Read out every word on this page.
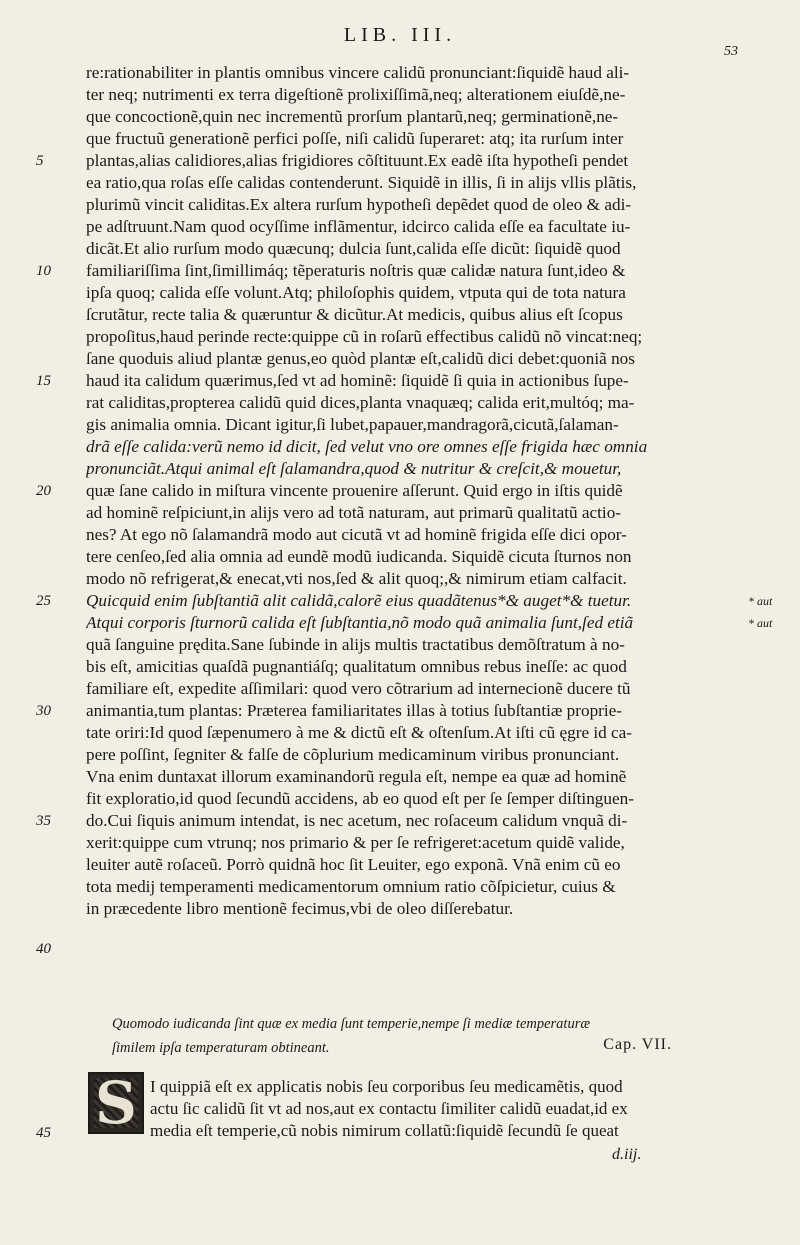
LIB. III.
53
re:rationabiliter in plantis omnibus vincere calidũ pronunciant:ſiquidẽ haud ali-
ter neq; nutrimenti ex terra digeſtionẽ prolixiſſimã,neq; alterationem eiuſdẽ,ne-
que concoctionẽ,quin nec incrementũ prorſum plantarũ,neq; germinationẽ,ne-
que fructuũ generationẽ perfici poſſe, niſi calidũ ſuperaret: atq; ita rurſum inter
plantas,alias calidiores,alias frigidiores cõſtituunt.Ex eadẽ iſta hypotheſi pendet
ea ratio,qua roſas eſſe calidas contenderunt. Siquidẽ in illis, ſi in alijs vllis plãtis,
plurimũ vincit caliditas.Ex altera rurſum hypotheſi depẽdet quod de oleo & adi-
pe adſtruunt.Nam quod ocyſſime inflãmentur, idcirco calida eſſe ea facultate iu-
dicãt.Et alio rurſum modo quæcunq; dulcia ſunt,calida eſſe dicũt: ſiquidẽ quod
familiariſſima ſint,ſimillimáq; tẽperaturis noſtris quæ calidæ natura ſunt,ideo &
ipſa quoq; calida eſſe volunt.Atq; philoſophis quidem, vtputa qui de tota natura
ſcrutãtur, recte talia & quæruntur & dicũtur.At medicis, quibus alius eſt ſcopus
propoſitus,haud perinde recte:quippe cũ in roſarũ effectibus calidũ nõ vincat:neq;
ſane quoduis aliud plantæ genus,eo quòd plantæ eſt,calidũ dici debet:quoniã nos
haud ita calidum quærimus,ſed vt ad hominẽ: ſiquidẽ ſi quia in actionibus ſupe-
rat caliditas,propterea calidũ quid dices,planta vnaquæq; calida erit,multóq; ma-
gis animalia omnia. Dicant igitur,ſi lubet,papauer,mandragorã,cicutã,ſalaman-
drã eſſe calida:verũ nemo id dicit, ſed velut vno ore omnes eſſe frigida hæc omnia
pronunciãt.Atqui animal eſt ſalamandra,quod & nutritur & creſcit,& mouetur,
quæ ſane calido in miſtura vincente prouenire aſſerunt. Quid ergo in iſtis quidẽ
ad hominẽ reſpiciunt,in alijs vero ad totã naturam, aut primarũ qualitatũ actio-
nes? At ego nõ ſalamandrã modo aut cicutã vt ad hominẽ frigida eſſe dici opor-
tere cenſeo,ſed alia omnia ad eundẽ modũ iudicanda. Siquidẽ cicuta ſturnos non
modo nõ refrigerat,& enecat,vti nos,ſed & alit quoq;,& nimirum etiam calfacit.
Quicquid enim ſubſtantiã alit calidã,calorẽ eius quadãtenus*& auget*& tuetur.
Atqui corporis ſturnorũ calida eſt ſubſtantia,nõ modo quã animalia ſunt,ſed etiã
quã ſanguine prędita.Sane ſubinde in alijs multis tractatibus demõſtratum à no-
bis eſt, amicitias quaſdã pugnantiáſq; qualitatum omnibus rebus ineſſe: ac quod
familiare eſt, expedite aſſimilari: quod vero cõtrarium ad internecionẽ ducere tũ
animantia,tum plantas: Præterea familiaritates illas à totius ſubſtantiæ proprie-
tate oriri:Id quod ſæpenumero à me & dictũ eſt & oſtenſum.At iſti cũ ęgre id ca-
pere poſſint, ſegniter & falſe de cõplurium medicaminum viribus pronunciant.
Vna enim duntaxat illorum examinandorũ regula eſt, nempe ea quæ ad hominẽ
fit exploratio,id quod ſecundũ accidens, ab eo quod eſt per ſe ſemper diſtinguen-
do.Cui ſiquis animum intendat, is nec acetum, nec roſaceum calidum vnquã di-
xerit:quippe cum vtrunq; nos primario & per ſe refrigeret:acetum quidẽ valide,
leuiter autẽ roſaceũ. Porrò quidnã hoc ſit Leuiter, ego exponã. Vnã enim cũ eo
tota medij temperamenti medicamentorum omnium ratio cõſpicietur, cuius &
in præcedente libro mentionẽ fecimus,vbi de oleo diſſerebatur.
5
10
15
20
25
30
35
40
* aut
* aut
Quomodo iudicanda ſint quæ ex media ſunt temperie,nempe ſi mediæ temperaturæ
ſimilem ipſa temperaturam obtineant.	Cap. VII.
S I quippiã eſt ex applicatis nobis ſeu corporibus ſeu medicamẽtis, quod
actu ſic calidũ ſit vt ad nos,aut ex contactu ſimiliter calidũ euadat,id ex
media eſt temperie,cũ nobis nimirum collatũ:ſiquidẽ ſecundũ ſe queat
45
d.iij.
